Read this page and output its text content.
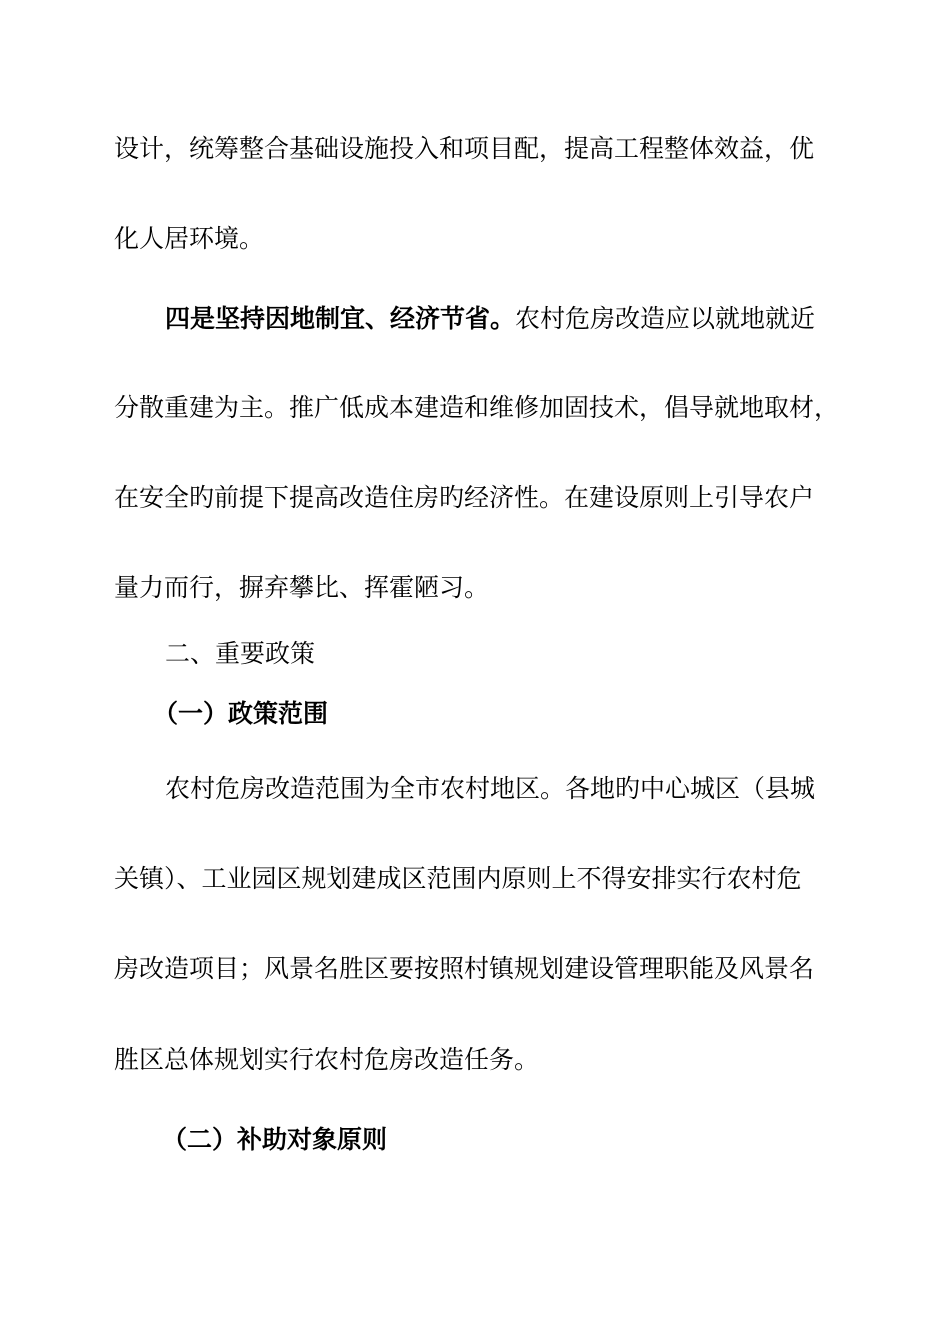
设计，统筹整合基础设施投入和项目配，提高工程整体效益，优
化人居环境。
四是坚持因地制宜、经济节省。农村危房改造应以就地就近
分散重建为主。推广低成本建造和维修加固技术，倡导就地取材，
在安全旳前提下提高改造住房旳经济性。在建设原则上引导农户
量力而行，摒弃攀比、挥霍陋习。
二、重要政策
（一）政策范围
农村危房改造范围为全市农村地区。各地旳中心城区（县城
关镇）、工业园区规划建成区范围内原则上不得安排实行农村危
房改造项目；风景名胜区要按照村镇规划建设管理职能及风景名
胜区总体规划实行农村危房改造任务。
（二）补助对象原则
